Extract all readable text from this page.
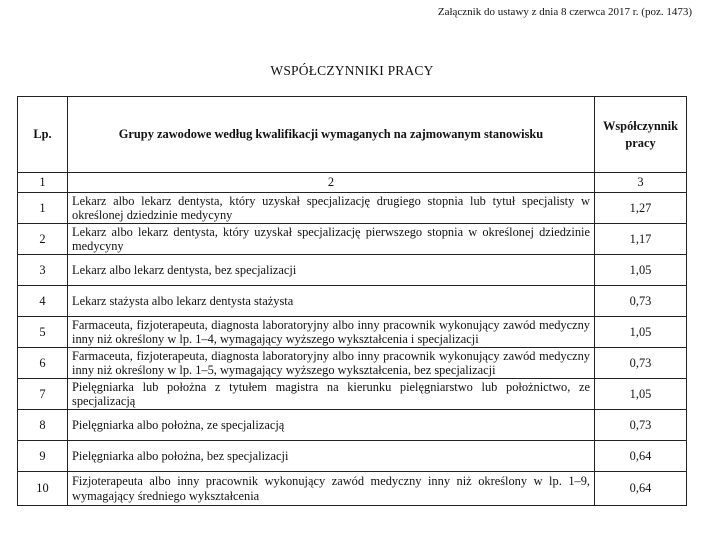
Załącznik do ustawy z dnia 8 czerwca 2017 r. (poz. 1473)
WSPÓŁCZYNNIKI PRACY
Lp.	Grupy zawodowe według kwalifikacji wymaganych na zajmowanym stanowisku	Współczynnik
pracy
1	2	3
1	Lekarz albo lekarz dentysta, który uzyskał specjalizację drugiego stopnia lub tytuł specjalisty w określonej dziedzinie medycyny	1,27
2	Lekarz albo lekarz dentysta, który uzyskał specjalizację pierwszego stopnia w określonej dziedzinie medycyny	1,17
3	Lekarz albo lekarz dentysta, bez specjalizacji	1,05
4	Lekarz stażysta albo lekarz dentysta stażysta	0,73
5	Farmaceuta, fizjoterapeuta, diagnosta laboratoryjny albo inny pracownik wykonujący zawód medyczny inny niż określony w lp. 1–4, wymagający wyższego wykształcenia i specjalizacji	1,05
6	Farmaceuta, fizjoterapeuta, diagnosta laboratoryjny albo inny pracownik wykonujący zawód medyczny inny niż określony w lp. 1–5, wymagający wyższego wykształcenia, bez specjalizacji	0,73
7	Pielęgniarka lub położna z tytułem magistra na kierunku pielęgniarstwo lub położnictwo, ze specjalizacją	1,05
8	Pielęgniarka albo położna, ze specjalizacją	0,73
9	Pielęgniarka albo położna, bez specjalizacji	0,64
10	Fizjoterapeuta albo inny pracownik wykonujący zawód medyczny inny niż określony w lp. 1–9, wymagający średniego wykształcenia	0,64
